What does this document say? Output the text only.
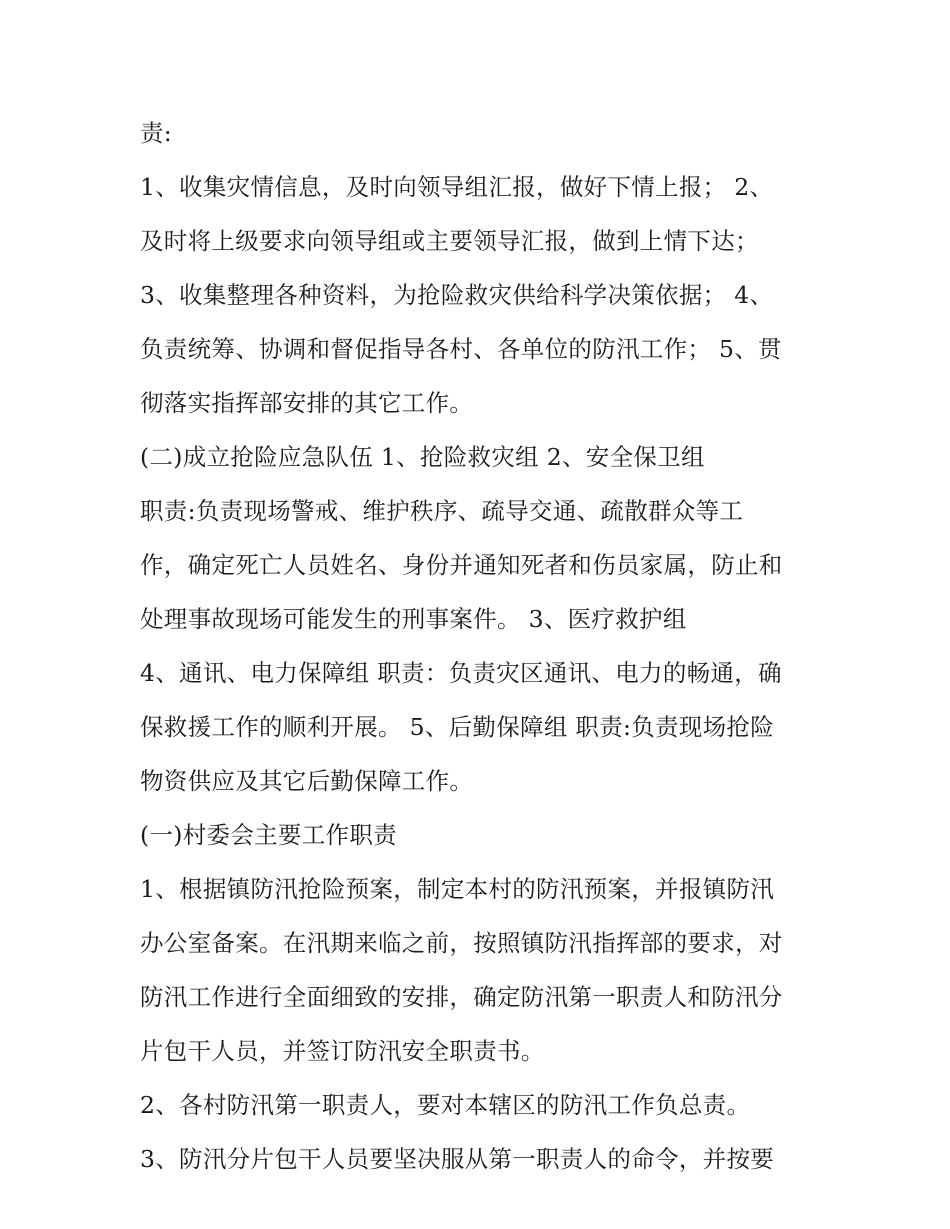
责:
1、收集灾情信息，及时向领导组汇报，做好下情上报； 2、
及时将上级要求向领导组或主要领导汇报，做到上情下达；
3、收集整理各种资料，为抢险救灾供给科学决策依据； 4、
负责统筹、协调和督促指导各村、各单位的防汛工作； 5、贯
彻落实指挥部安排的其它工作。
(二)成立抢险应急队伍 1、抢险救灾组 2、安全保卫组
职责:负责现场警戒、维护秩序、疏导交通、疏散群众等工
作，确定死亡人员姓名、身份并通知死者和伤员家属，防止和
处理事故现场可能发生的刑事案件。 3、医疗救护组
4、通讯、电力保障组 职责：负责灾区通讯、电力的畅通，确
保救援工作的顺利开展。 5、后勤保障组 职责:负责现场抢险
物资供应及其它后勤保障工作。
(一)村委会主要工作职责
1、根据镇防汛抢险预案，制定本村的防汛预案，并报镇防汛
办公室备案。在汛期来临之前，按照镇防汛指挥部的要求，对
防汛工作进行全面细致的安排，确定防汛第一职责人和防汛分
片包干人员，并签订防汛安全职责书。
2、各村防汛第一职责人，要对本辖区的防汛工作负总责。
3、防汛分片包干人员要坚决服从第一职责人的命令，并按要
